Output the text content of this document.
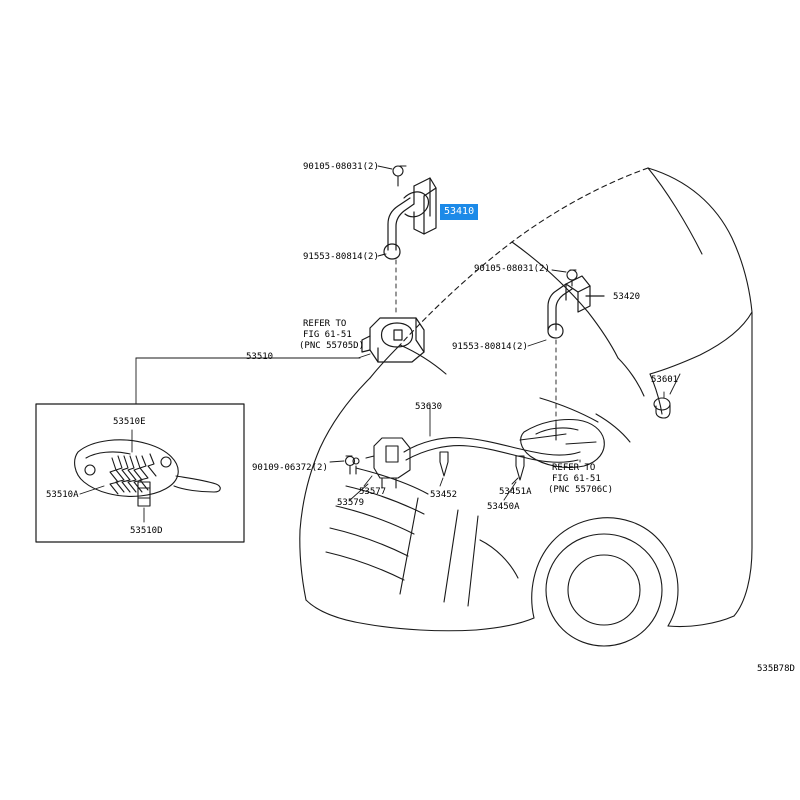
90105-08031(2)
91553-80814(2)
90105-08031(2)
53420
91553-80814(2)
REFER TO
FIG 61-51
(PNC 55705D)
53510
53630
53601
90109-06372(2)
53577
53579
53452	53451A
53450A
REFER TO
FIG 61-51
(PNC 55706C)
53510E
53510A
53510D
53410
535B78D
